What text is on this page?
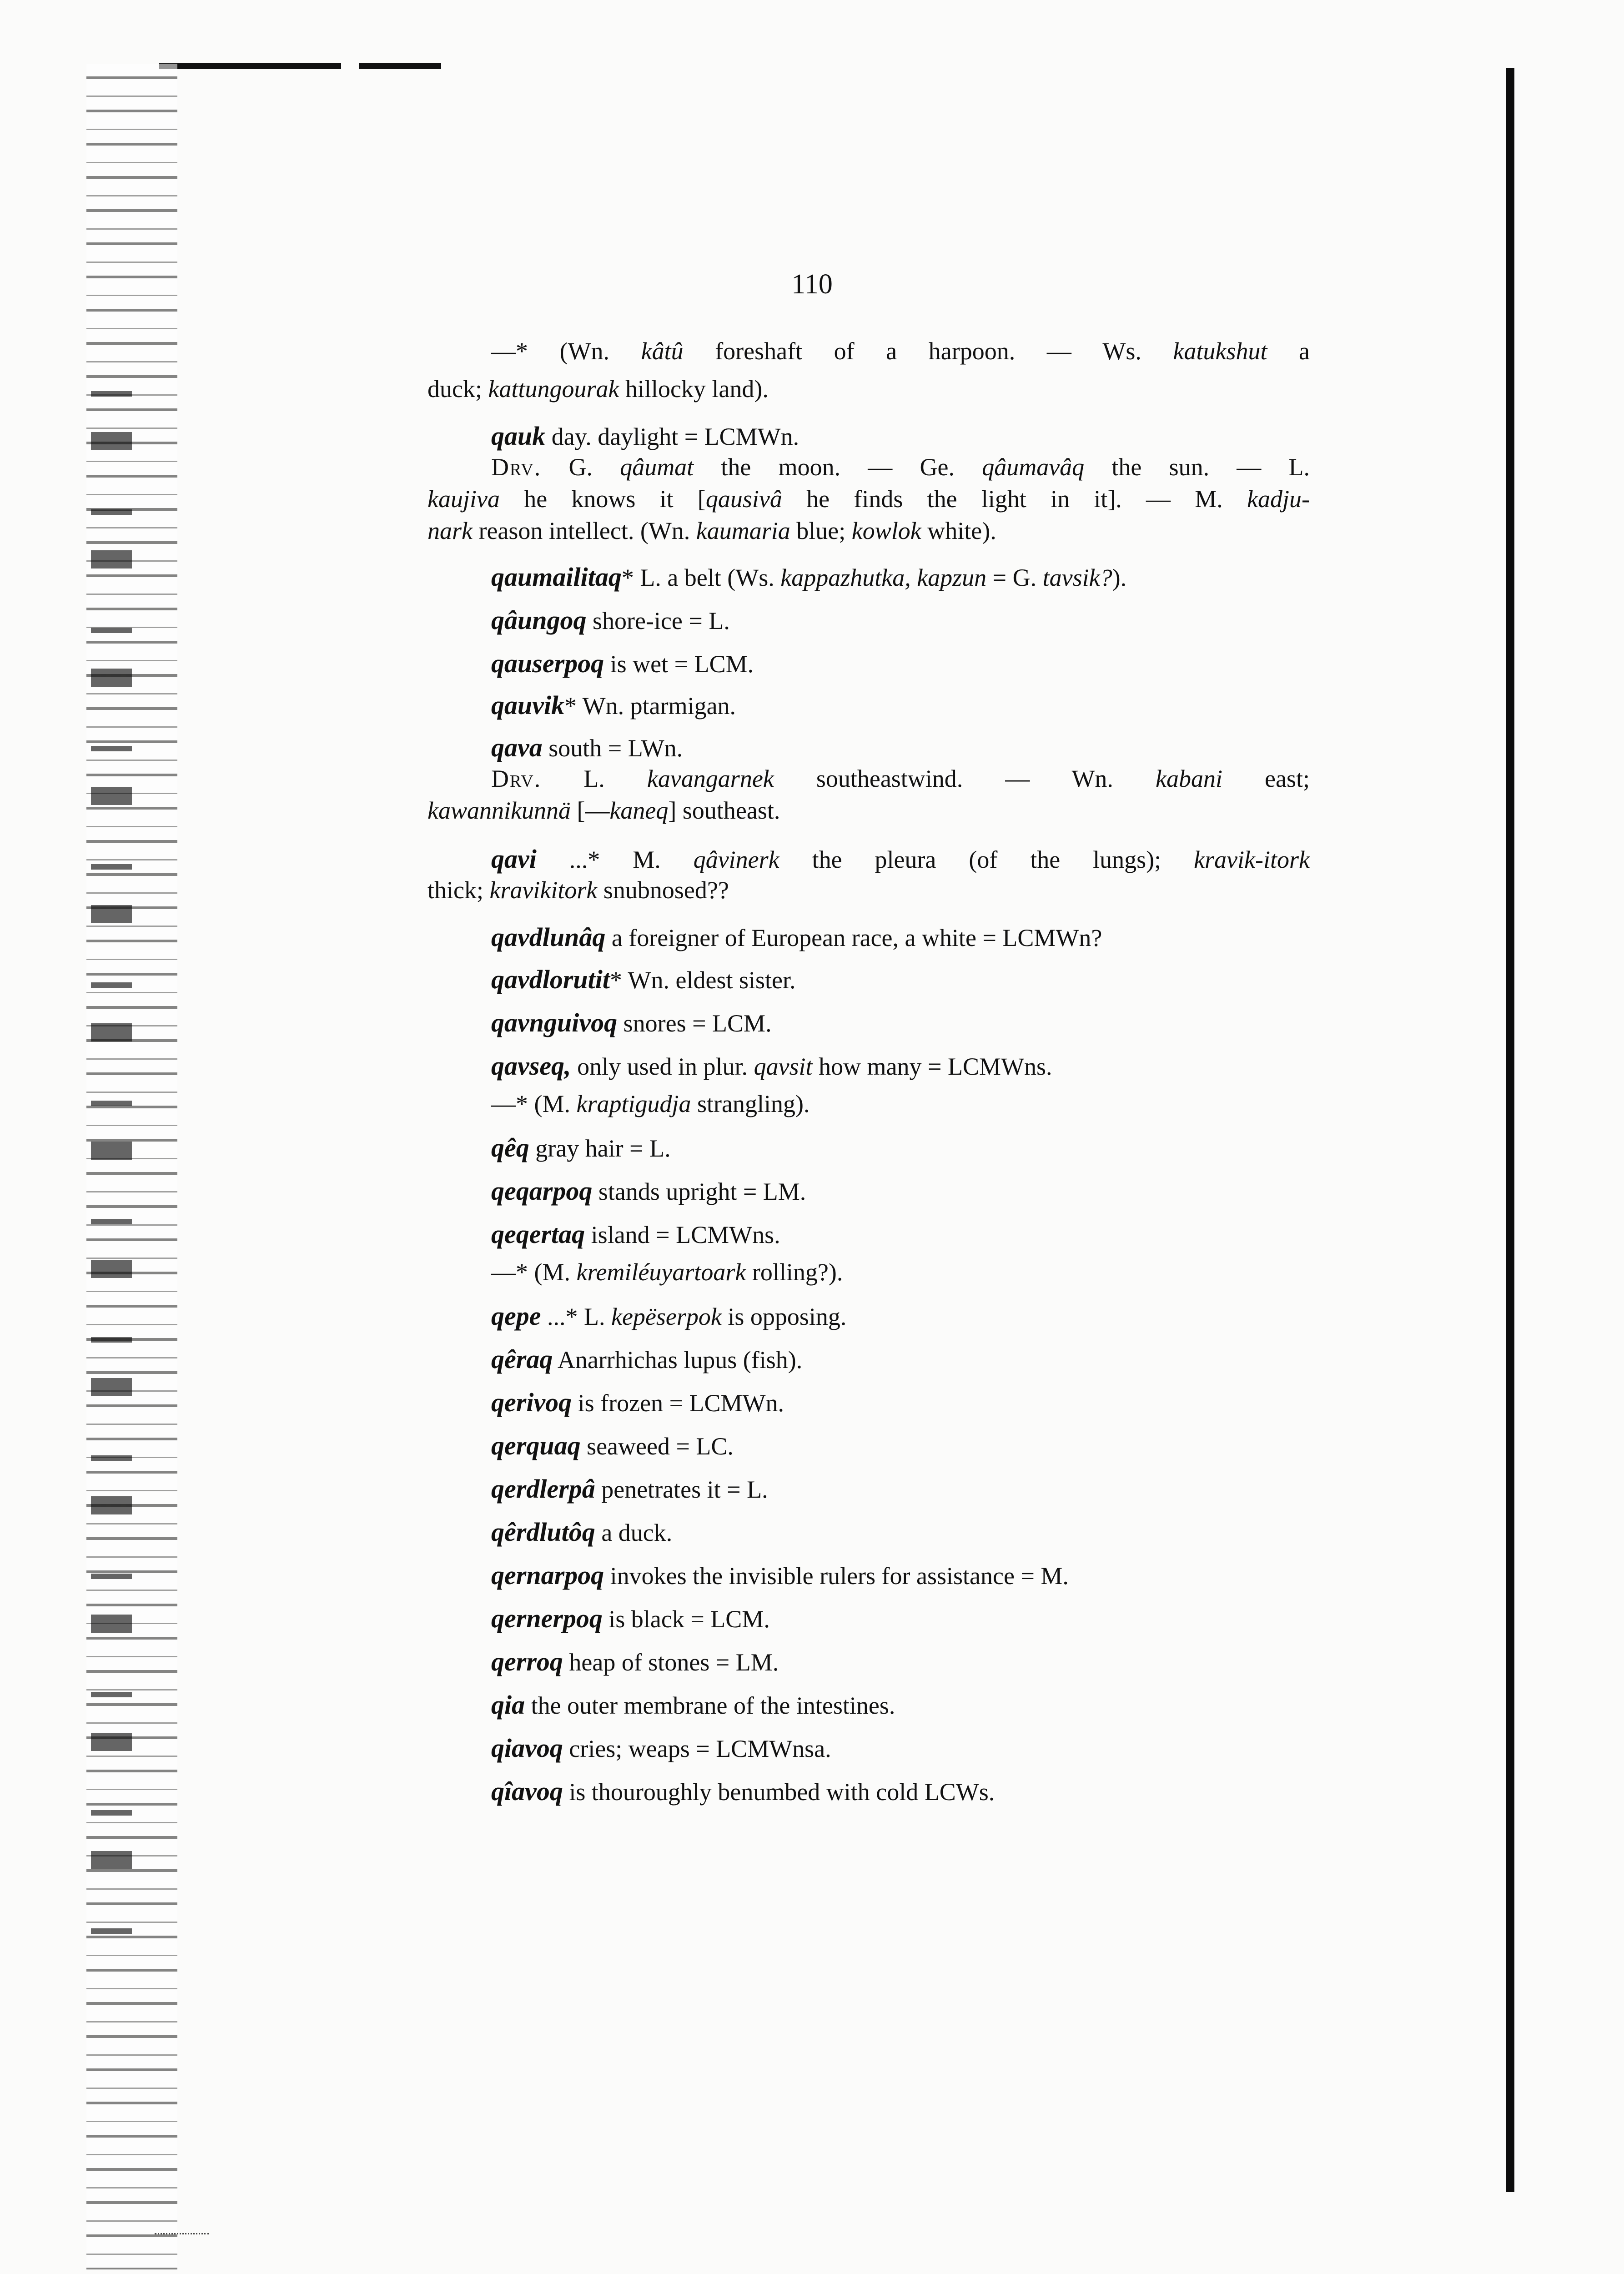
110
—* (Wn. kâtû foreshaft of a harpoon. — Ws. katukshut a
duck; kattungourak hillocky land).
qauk day. daylight = LCMWn.
Drv. G. qâumat the moon. — Ge. qâumavâq the sun. — L.
kaujiva he knows it [qausivâ he finds the light in it]. — M. kadju-
nark reason intellect. (Wn. kaumaria blue; kowlok white).
qaumailitaq* L. a belt (Ws. kappazhutka, kapzun = G. tavsik?).
qâungoq shore-ice = L.
qauserpoq is wet = LCM.
qauvik* Wn. ptarmigan.
qava south = LWn.
Drv. L. kavangarnek southeastwind. — Wn. kabani east;
kawannikunnä [—kaneq] southeast.
qavi ...* M. qâvinerk the pleura (of the lungs); kravik-itork
thick; kravikitork snubnosed??
qavdlunâq a foreigner of European race, a white = LCMWn?
qavdlorutit* Wn. eldest sister.
qavnguivoq snores = LCM.
qavseq, only used in plur. qavsit how many = LCMWns.
—* (M. kraptigudja strangling).
qêq gray hair = L.
qeqarpoq stands upright = LM.
qeqertaq island = LCMWns.
—* (M. kremiléuyartoark rolling?).
qepe ...* L. kepëserpok is opposing.
qêraq Anarrhichas lupus (fish).
qerivoq is frozen = LCMWn.
qerquaq seaweed = LC.
qerdlerpâ penetrates it = L.
qêrdlutôq a duck.
qernarpoq invokes the invisible rulers for assistance = M.
qernerpoq is black = LCM.
qerroq heap of stones = LM.
qia the outer membrane of the intestines.
qiavoq cries; weaps = LCMWnsa.
qîavoq is thouroughly benumbed with cold LCWs.
